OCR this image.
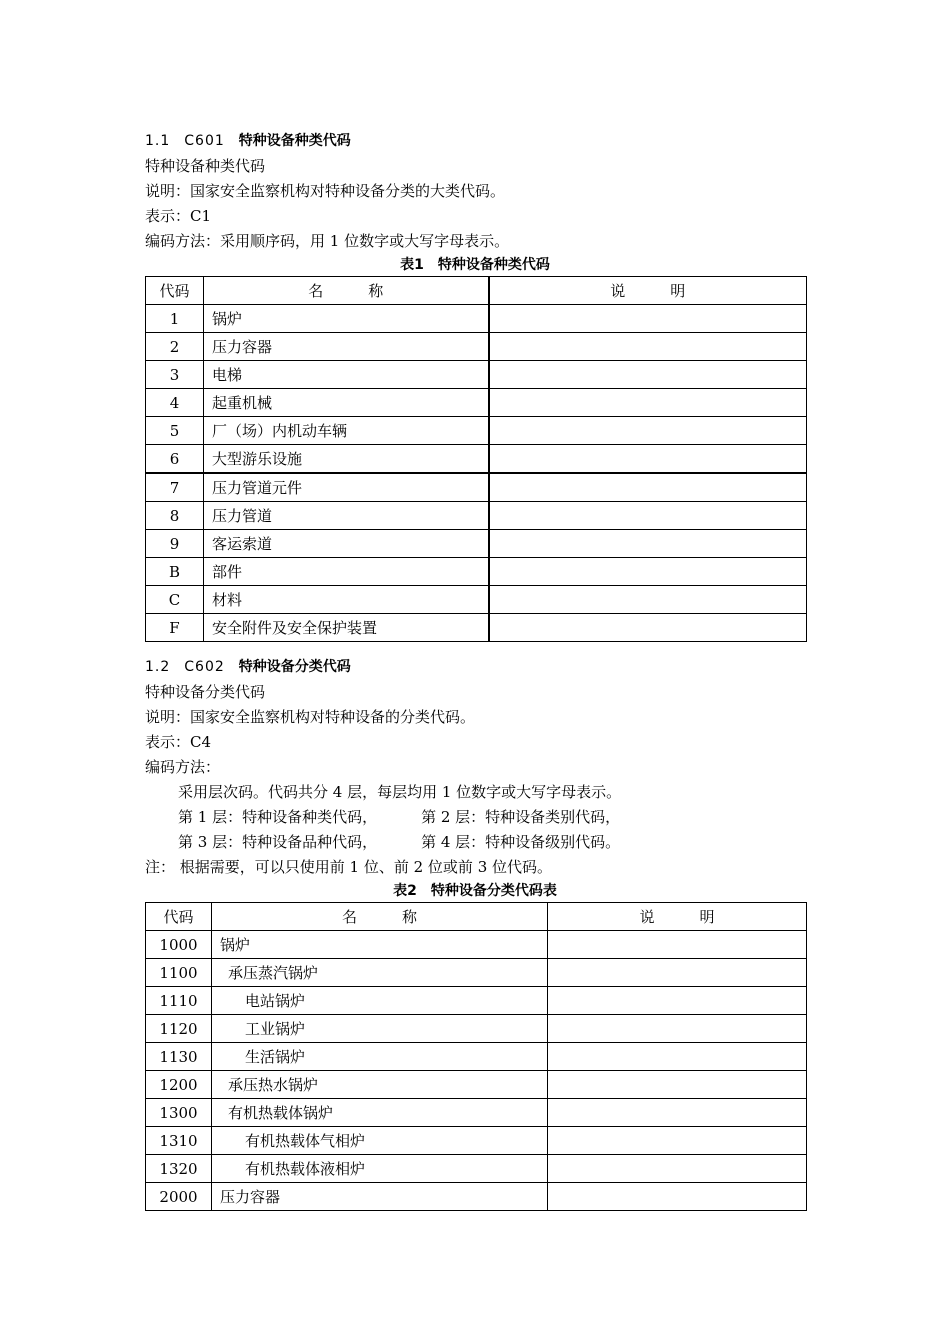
1.1 C601 特种设备种类代码
特种设备种类代码
说明：国家安全监察机构对特种设备分类的大类代码。
表示：C1
编码方法：采用顺序码，用 1 位数字或大写字母表示。
表1　特种设备种类代码
代码	名　　　称	说　　　明
1	锅炉	
2	压力容器	
3	电梯	
4	起重机械	
5	厂（场）内机动车辆	
6	大型游乐设施	
7	压力管道元件	
8	压力管道	
9	客运索道	
B	部件	
C	材料	
F	安全附件及安全保护装置	
1.2 C602 特种设备分类代码
特种设备分类代码
说明：国家安全监察机构对特种设备的分类代码。
表示：C4
编码方法：
采用层次码。代码共分 4 层，每层均用 1 位数字或大写字母表示。
第 1 层：特种设备种类代码，	第 2 层：特种设备类别代码，
第 3 层：特种设备品种代码，	第 4 层：特种设备级别代码。
注： 根据需要，可以只使用前 1 位、前 2 位或前 3 位代码。
表2　特种设备分类代码表
代码	名　　　称	说　　　明
1000	锅炉	
1100	承压蒸汽锅炉	
1110	电站锅炉	
1120	工业锅炉	
1130	生活锅炉	
1200	承压热水锅炉	
1300	有机热载体锅炉	
1310	有机热载体气相炉	
1320	有机热载体液相炉	
2000	压力容器	
